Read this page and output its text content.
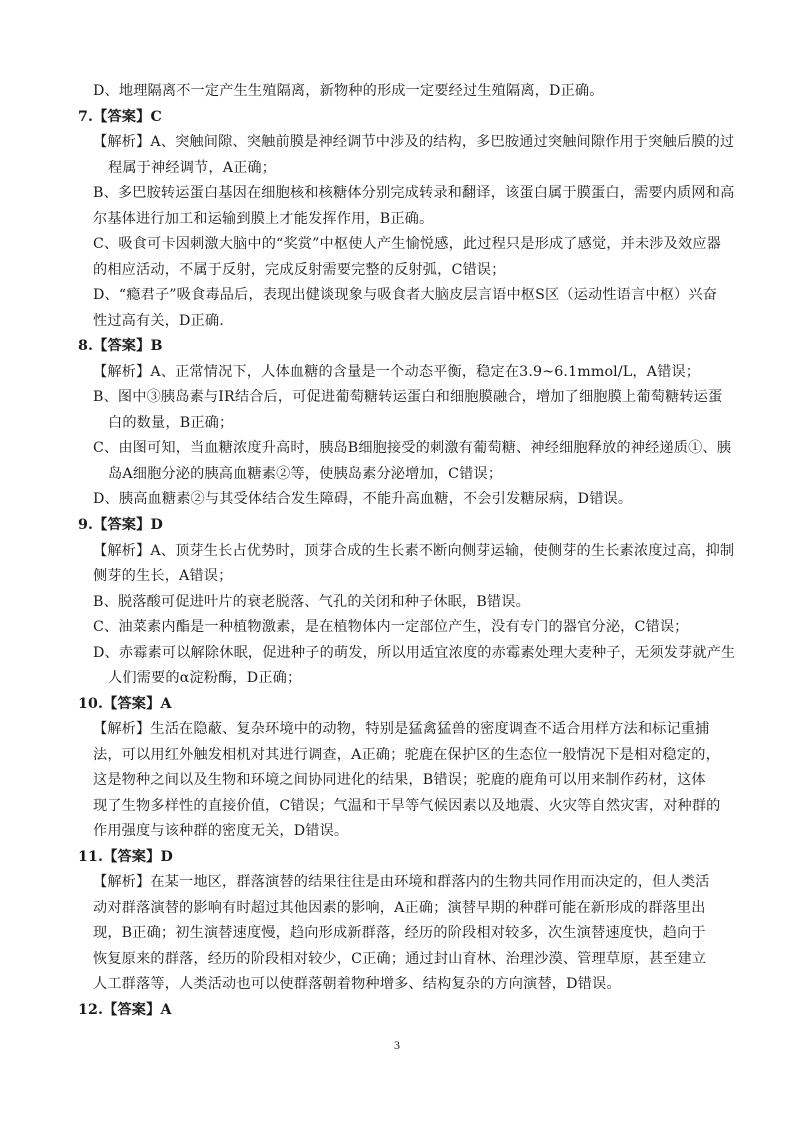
D、地理隔离不一定产生生殖隔离，新物种的形成一定要经过生殖隔离，D正确。
7.【答案】C
【解析】A、突触间隙、突触前膜是神经调节中涉及的结构，多巴胺通过突触间隙作用于突触后膜的过
程属于神经调节，A正确；
B、多巴胺转运蛋白基因在细胞核和核糖体分别完成转录和翻译，该蛋白属于膜蛋白，需要内质网和高
尔基体进行加工和运输到膜上才能发挥作用，B正确。
C、吸食可卡因刺激大脑中的“奖赏”中枢使人产生愉悦感，此过程只是形成了感觉，并未涉及效应器
的相应活动，不属于反射，完成反射需要完整的反射弧，C错误；
D、“瘾君子”吸食毒品后，表现出健谈现象与吸食者大脑皮层言语中枢S区（运动性语言中枢）兴奋
性过高有关，D正确.
8.【答案】B
【解析】A、正常情况下，人体血糖的含量是一个动态平衡，稳定在3.9~6.1mmol/L，A错误；
B、图中③胰岛素与IR结合后，可促进葡萄糖转运蛋白和细胞膜融合，增加了细胞膜上葡萄糖转运蛋
白的数量，B正确；
C、由图可知，当血糖浓度升高时，胰岛B细胞接受的刺激有葡萄糖、神经细胞释放的神经递质①、胰
岛A细胞分泌的胰高血糖素②等，使胰岛素分泌增加，C错误；
D、胰高血糖素②与其受体结合发生障碍，不能升高血糖，不会引发糖尿病，D错误。
9.【答案】D
【解析】A、顶芽生长占优势时，顶芽合成的生长素不断向侧芽运输，使侧芽的生长素浓度过高，抑制
侧芽的生长，A错误；
B、脱落酸可促进叶片的衰老脱落、气孔的关闭和种子休眠，B错误。
C、油菜素内酯是一种植物激素，是在植物体内一定部位产生，没有专门的器官分泌，C错误；
D、赤霉素可以解除休眠，促进种子的萌发，所以用适宜浓度的赤霉素处理大麦种子，无须发芽就产生
人们需要的α淀粉酶，D正确；
10.【答案】A
【解析】生活在隐蔽、复杂环境中的动物，特别是猛禽猛兽的密度调查不适合用样方法和标记重捕
法，可以用红外触发相机对其进行调查，A正确；驼鹿在保护区的生态位一般情况下是相对稳定的，
这是物种之间以及生物和环境之间协同进化的结果，B错误；驼鹿的鹿角可以用来制作药材，这体
现了生物多样性的直接价值，C错误；气温和干旱等气候因素以及地震、火灾等自然灾害，对种群的
作用强度与该种群的密度无关，D错误。
11.【答案】D
【解析】在某一地区，群落演替的结果往往是由环境和群落内的生物共同作用而决定的，但人类活
动对群落演替的影响有时超过其他因素的影响，A正确；演替早期的种群可能在新形成的群落里出
现，B正确；初生演替速度慢，趋向形成新群落，经历的阶段相对较多，次生演替速度快，趋向于
恢复原来的群落，经历的阶段相对较少，C正确；通过封山育林、治理沙漠、管理草原，甚至建立
人工群落等，人类活动也可以使群落朝着物种增多、结构复杂的方向演替，D错误。
12.【答案】A
3
